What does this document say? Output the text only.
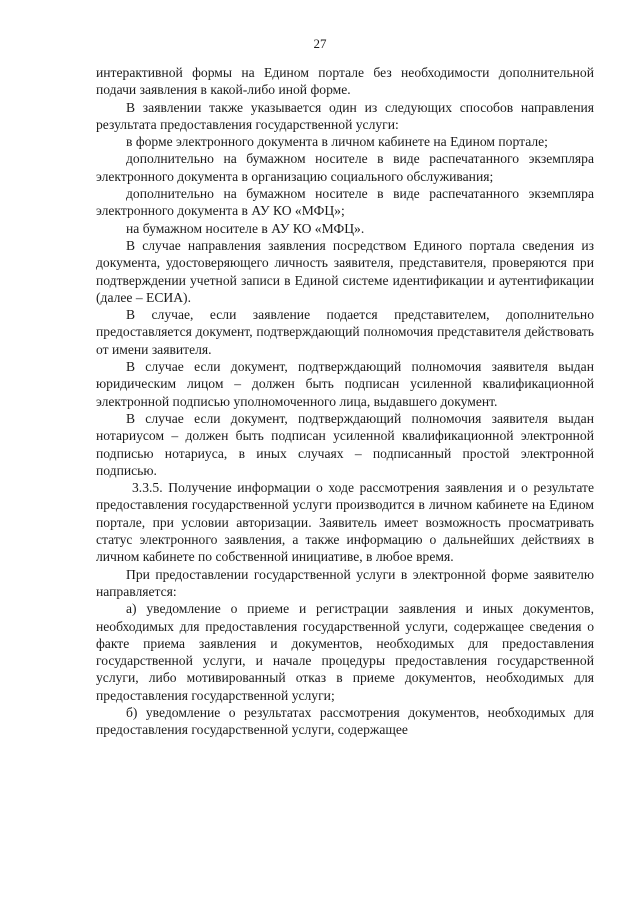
27

интерактивной формы на Едином портале без необходимости дополнительной подачи заявления в какой-либо иной форме.

В заявлении также указывается один из следующих способов направления результата предоставления государственной услуги:

в форме электронного документа в личном кабинете на Едином портале;

дополнительно на бумажном носителе в виде распечатанного экземпляра электронного документа в организацию социального обслуживания;

дополнительно на бумажном носителе в виде распечатанного экземпляра электронного документа в АУ КО «МФЦ»;

на бумажном носителе в АУ КО «МФЦ».

В случае направления заявления посредством Единого портала сведения из документа, удостоверяющего личность заявителя, представителя, проверяются при подтверждении учетной записи в Единой системе идентификации и аутентификации (далее – ЕСИА).

В случае, если заявление подается представителем, дополнительно предоставляется документ, подтверждающий полномочия представителя действовать от имени заявителя.

В случае если документ, подтверждающий полномочия заявителя выдан юридическим лицом – должен быть подписан усиленной квалификационной электронной подписью уполномоченного лица, выдавшего документ.

В случае если документ, подтверждающий полномочия заявителя выдан нотариусом – должен быть подписан усиленной квалификационной электронной подписью нотариуса, в иных случаях – подписанный простой электронной подписью.

3.3.5. Получение информации о ходе рассмотрения заявления и о результате предоставления государственной услуги производится в личном кабинете на Едином портале, при условии авторизации. Заявитель имеет возможность просматривать статус электронного заявления, а также информацию о дальнейших действиях в личном кабинете по собственной инициативе, в любое время.

При предоставлении государственной услуги в электронной форме заявителю направляется:

а) уведомление о приеме и регистрации заявления и иных документов, необходимых для предоставления государственной услуги, содержащее сведения о факте приема заявления и документов, необходимых для предоставления государственной услуги, и начале процедуры предоставления государственной услуги, либо мотивированный отказ в приеме документов, необходимых для предоставления государственной услуги;

б) уведомление о результатах рассмотрения документов, необходимых для предоставления государственной услуги, содержащее
